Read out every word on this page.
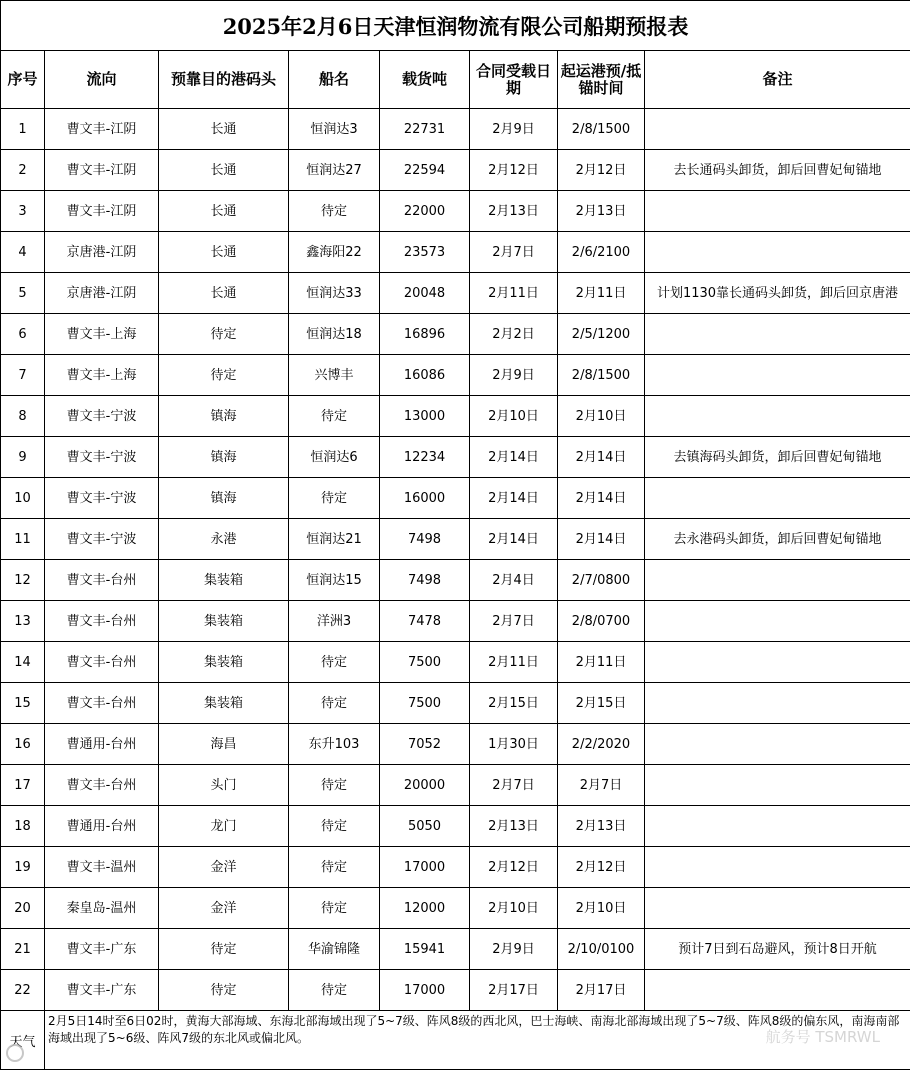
2025年2月6日天津恒润物流有限公司船期预报表							
序号	流向	预靠目的港码头	船名	载货吨	合同受载日期	起运港预/抵锚时间	备注
1	曹文丰-江阴	长通	恒润达3	22731	2月9日	2/8/1500	
2	曹文丰-江阴	长通	恒润达27	22594	2月12日	2月12日	去长通码头卸货，卸后回曹妃甸锚地
3	曹文丰-江阴	长通	待定	22000	2月13日	2月13日	
4	京唐港-江阴	长通	鑫海阳22	23573	2月7日	2/6/2100	
5	京唐港-江阴	长通	恒润达33	20048	2月11日	2月11日	计划1130靠长通码头卸货，卸后回京唐港
6	曹文丰-上海	待定	恒润达18	16896	2月2日	2/5/1200	
7	曹文丰-上海	待定	兴博丰	16086	2月9日	2/8/1500	
8	曹文丰-宁波	镇海	待定	13000	2月10日	2月10日	
9	曹文丰-宁波	镇海	恒润达6	12234	2月14日	2月14日	去镇海码头卸货，卸后回曹妃甸锚地
10	曹文丰-宁波	镇海	待定	16000	2月14日	2月14日	
11	曹文丰-宁波	永港	恒润达21	7498	2月14日	2月14日	去永港码头卸货，卸后回曹妃甸锚地
12	曹文丰-台州	集装箱	恒润达15	7498	2月4日	2/7/0800	
13	曹文丰-台州	集装箱	洋洲3	7478	2月7日	2/8/0700	
14	曹文丰-台州	集装箱	待定	7500	2月11日	2月11日	
15	曹文丰-台州	集装箱	待定	7500	2月15日	2月15日	
16	曹通用-台州	海昌	东升103	7052	1月30日	2/2/2020	
17	曹文丰-台州	头门	待定	20000	2月7日	2月7日	
18	曹通用-台州	龙门	待定	5050	2月13日	2月13日	
19	曹文丰-温州	金洋	待定	17000	2月12日	2月12日	
20	秦皇岛-温州	金洋	待定	12000	2月10日	2月10日	
21	曹文丰-广东	待定	华渝锦隆	15941	2月9日	2/10/0100	预计7日到石岛避风，预计8日开航
22	曹文丰-广东	待定	待定	17000	2月17日	2月17日	
天气	2月5日14时至6日02时，黄海大部海域、东海北部海域出现了5~7级、阵风8级的西北风，巴士海峡、南海北部海域出现了5~7级、阵风8级的偏东风，南海南部海域出现了5~6级、阵风7级的东北风或偏北风。							航务号 TSMRWL
